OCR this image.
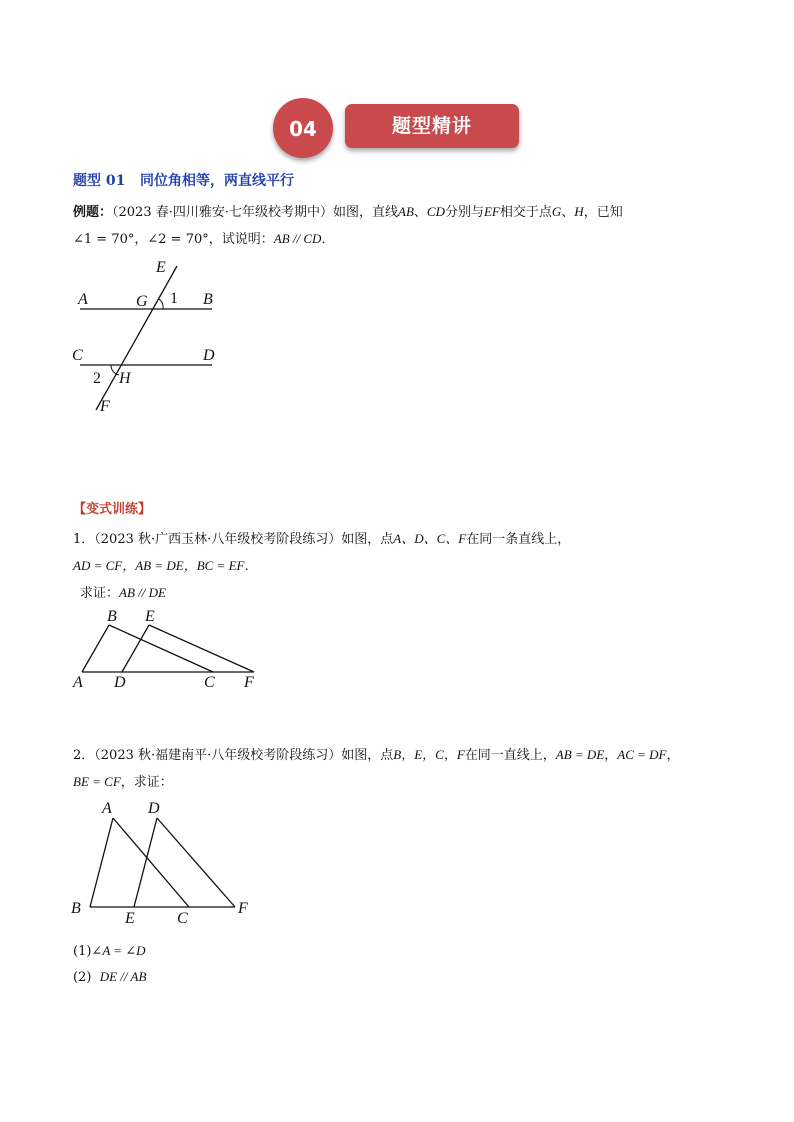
04	题型精讲
题型 01 同位角相等，两直线平行
例题：（2023 春·四川雅安·七年级校考期中）如图，直线AB、CD分别与EF相交于点G、H，已知
∠1 = 70°，∠2 = 70°，试说明：AB // CD．
E
A	G 1 B
C	D
2 H
F
【变式训练】
1．（2023 秋·广西玉林·八年级校考阶段练习）如图，点A、D、C、F在同一条直线上，
AD = CF，AB = DE，BC = EF．
求证：AB // DE
B E
A D	C F
2．（2023 秋·福建南平·八年级校考阶段练习）如图，点B，E，C，F在同一直线上，AB = DE，AC = DF，
BE = CF，求证：
A D
B
E	C
F
(1)∠A = ∠D
(2) DE // AB
